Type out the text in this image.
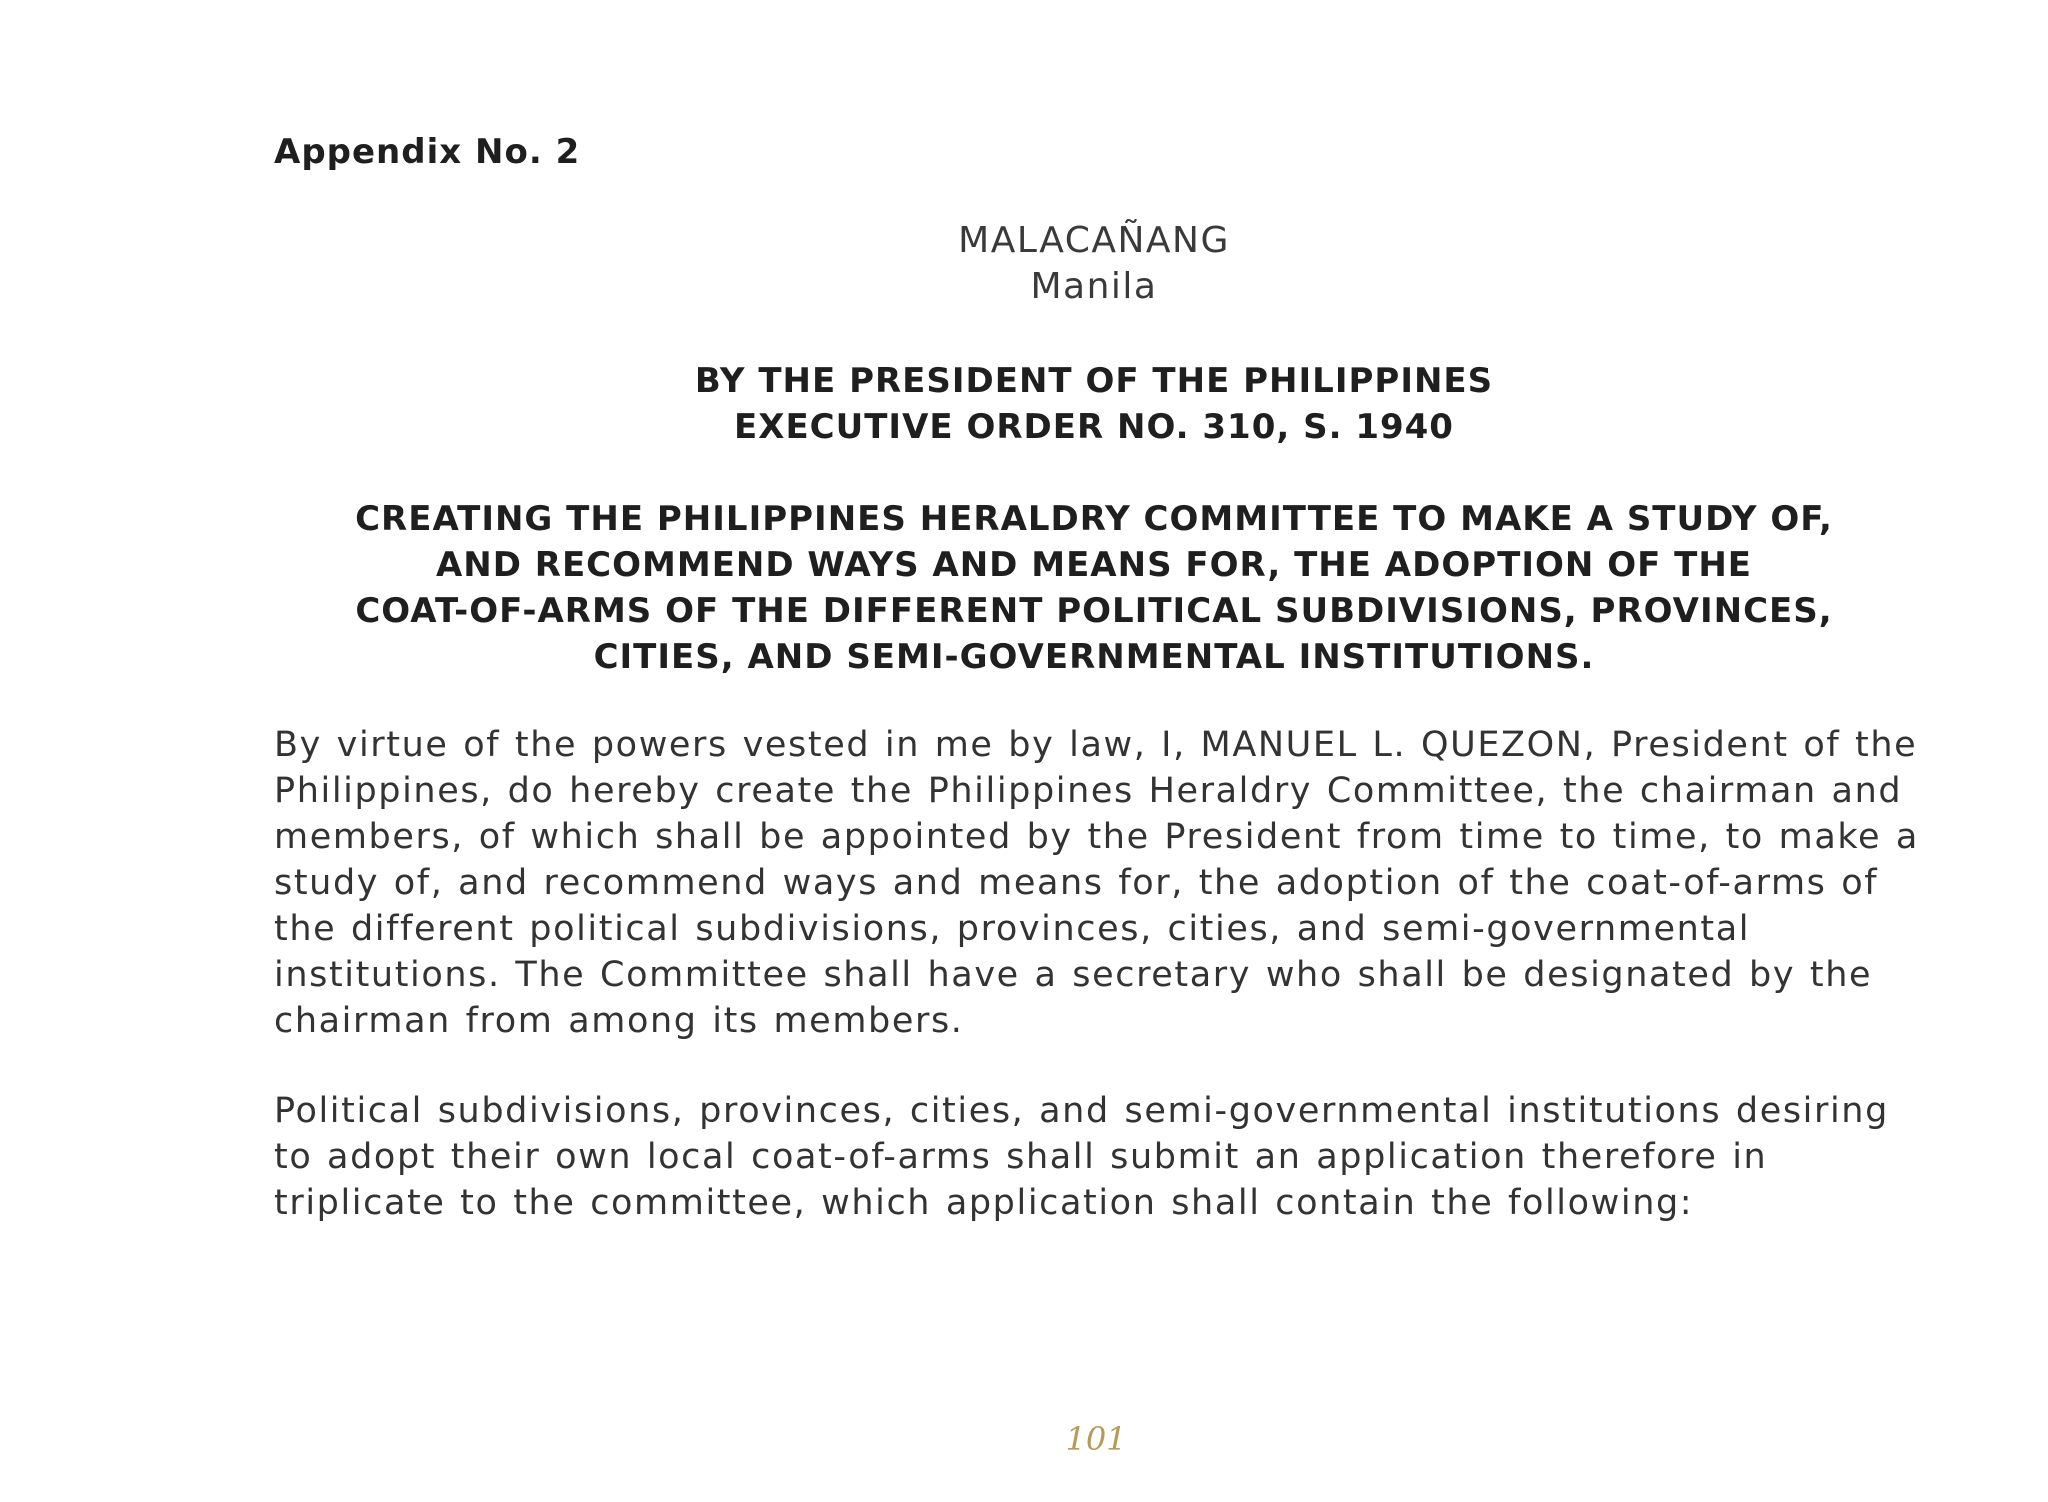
Appendix No. 2
MALACAÑANG
Manila
BY THE PRESIDENT OF THE PHILIPPINES
EXECUTIVE ORDER NO. 310, S. 1940
CREATING THE PHILIPPINES HERALDRY COMMITTEE TO MAKE A STUDY OF,
AND RECOMMEND WAYS AND MEANS FOR, THE ADOPTION OF THE
COAT-OF-ARMS OF THE DIFFERENT POLITICAL SUBDIVISIONS, PROVINCES,
CITIES, AND SEMI-GOVERNMENTAL INSTITUTIONS.

By virtue of the powers vested in me by law, I, MANUEL L. QUEZON, President of the Philippines, do hereby create the Philippines Heraldry Committee, the chairman and members, of which shall be appointed by the President from time to time, to make a study of, and recommend ways and means for, the adoption of the coat-of-arms of the different political subdivisions, provinces, cities, and semi-governmental institutions. The Committee shall have a secretary who shall be designated by the chairman from among its members.

Political subdivisions, provinces, cities, and semi-governmental institutions desiring to adopt their own local coat-of-arms shall submit an application therefore in triplicate to the committee, which application shall contain the following:

101
